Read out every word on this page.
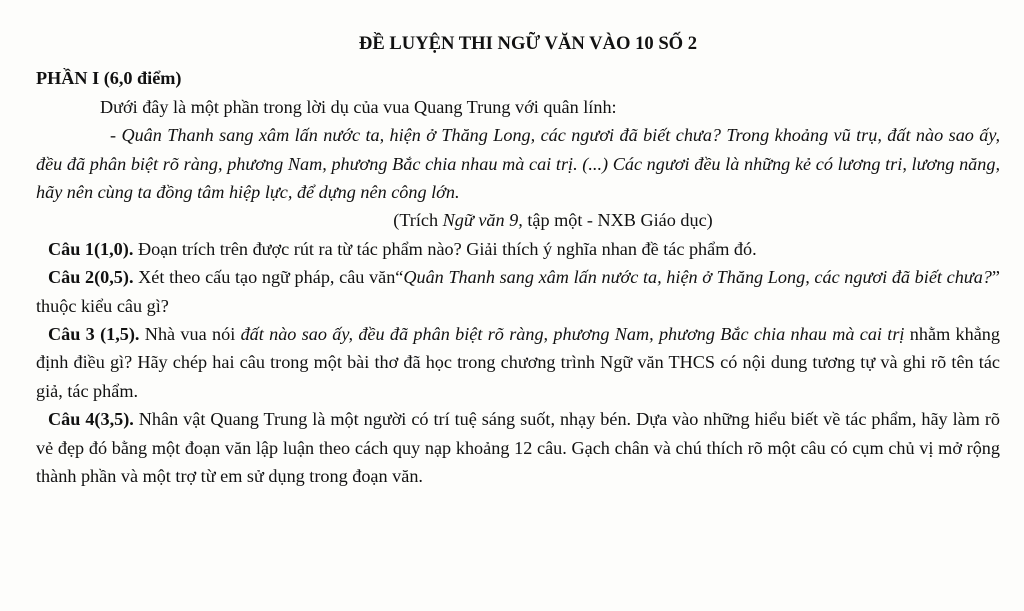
ĐỀ LUYỆN THI NGỮ VĂN VÀO 10 SỐ 2

PHẦN I (6,0 điểm)

Dưới đây là một phần trong lời dụ của vua Quang Trung với quân lính:

- Quân Thanh sang xâm lấn nước ta, hiện ở Thăng Long, các ngươi đã biết chưa? Trong khoảng vũ trụ, đất nào sao ấy, đều đã phân biệt rõ ràng, phương Nam, phương Bắc chia nhau mà cai trị. (...) Các ngươi đều là những kẻ có lương tri, lương năng, hãy nên cùng ta đồng tâm hiệp lực, để dựng nên công lớn.

(Trích Ngữ văn 9, tập một - NXB Giáo dục)

Câu 1(1,0). Đoạn trích trên được rút ra từ tác phẩm nào? Giải thích ý nghĩa nhan đề tác phẩm đó.

Câu 2(0,5). Xét theo cấu tạo ngữ pháp, câu văn“Quân Thanh sang xâm lấn nước ta, hiện ở Thăng Long, các ngươi đã biết chưa?” thuộc kiểu câu gì?

Câu 3 (1,5). Nhà vua nói đất nào sao ấy, đều đã phân biệt rõ ràng, phương Nam, phương Bắc chia nhau mà cai trị nhằm khẳng định điều gì? Hãy chép hai câu trong một bài thơ đã học trong chương trình Ngữ văn THCS có nội dung tương tự và ghi rõ tên tác giả, tác phẩm.

Câu 4(3,5). Nhân vật Quang Trung là một người có trí tuệ sáng suốt, nhạy bén. Dựa vào những hiểu biết về tác phẩm, hãy làm rõ vẻ đẹp đó bằng một đoạn văn lập luận theo cách quy nạp khoảng 12 câu. Gạch chân và chú thích rõ một câu có cụm chủ vị mở rộng thành phần và một trợ từ em sử dụng trong đoạn văn.
